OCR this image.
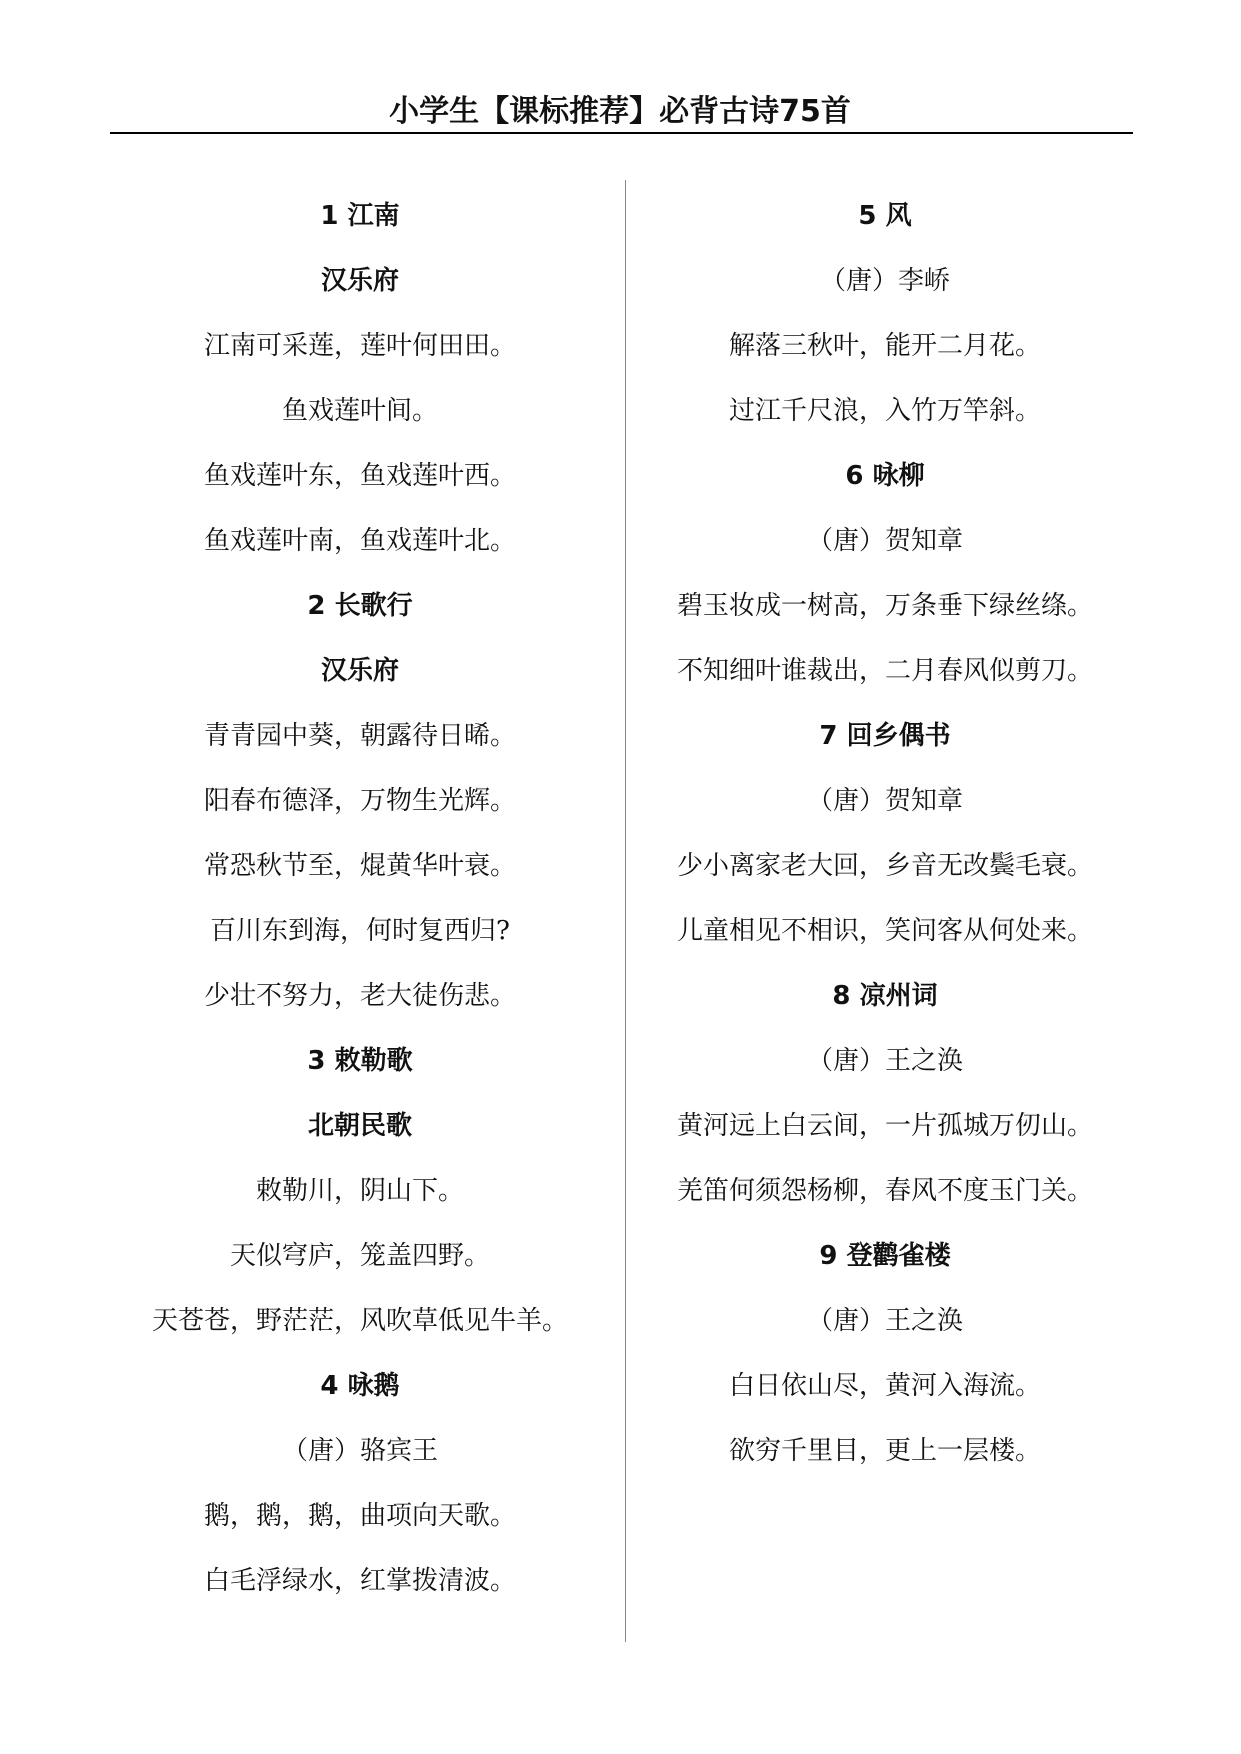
小学生【课标推荐】必背古诗75首
1 江南
汉乐府
江南可采莲，莲叶何田田。
鱼戏莲叶间。
鱼戏莲叶东，鱼戏莲叶西。
鱼戏莲叶南，鱼戏莲叶北。
2 长歌行
汉乐府
青青园中葵，朝露待日晞。
阳春布德泽，万物生光辉。
常恐秋节至，焜黄华叶衰。
百川东到海，何时复西归?
少壮不努力，老大徒伤悲。
3 敕勒歌
北朝民歌
敕勒川，阴山下。
天似穹庐，笼盖四野。
天苍苍，野茫茫，风吹草低见牛羊。
4 咏鹅
（唐）骆宾王
鹅，鹅，鹅，曲项向天歌。
白毛浮绿水，红掌拨清波。
5 风
（唐）李峤
解落三秋叶，能开二月花。
过江千尺浪，入竹万竿斜。
6 咏柳
（唐）贺知章
碧玉妆成一树高，万条垂下绿丝绦。
不知细叶谁裁出，二月春风似剪刀。
7 回乡偶书
（唐）贺知章
少小离家老大回，乡音无改鬓毛衰。
儿童相见不相识，笑问客从何处来。
8 凉州词
（唐）王之涣
黄河远上白云间，一片孤城万仞山。
羌笛何须怨杨柳，春风不度玉门关。
9 登鹳雀楼
（唐）王之涣
白日依山尽，黄河入海流。
欲穷千里目，更上一层楼。
